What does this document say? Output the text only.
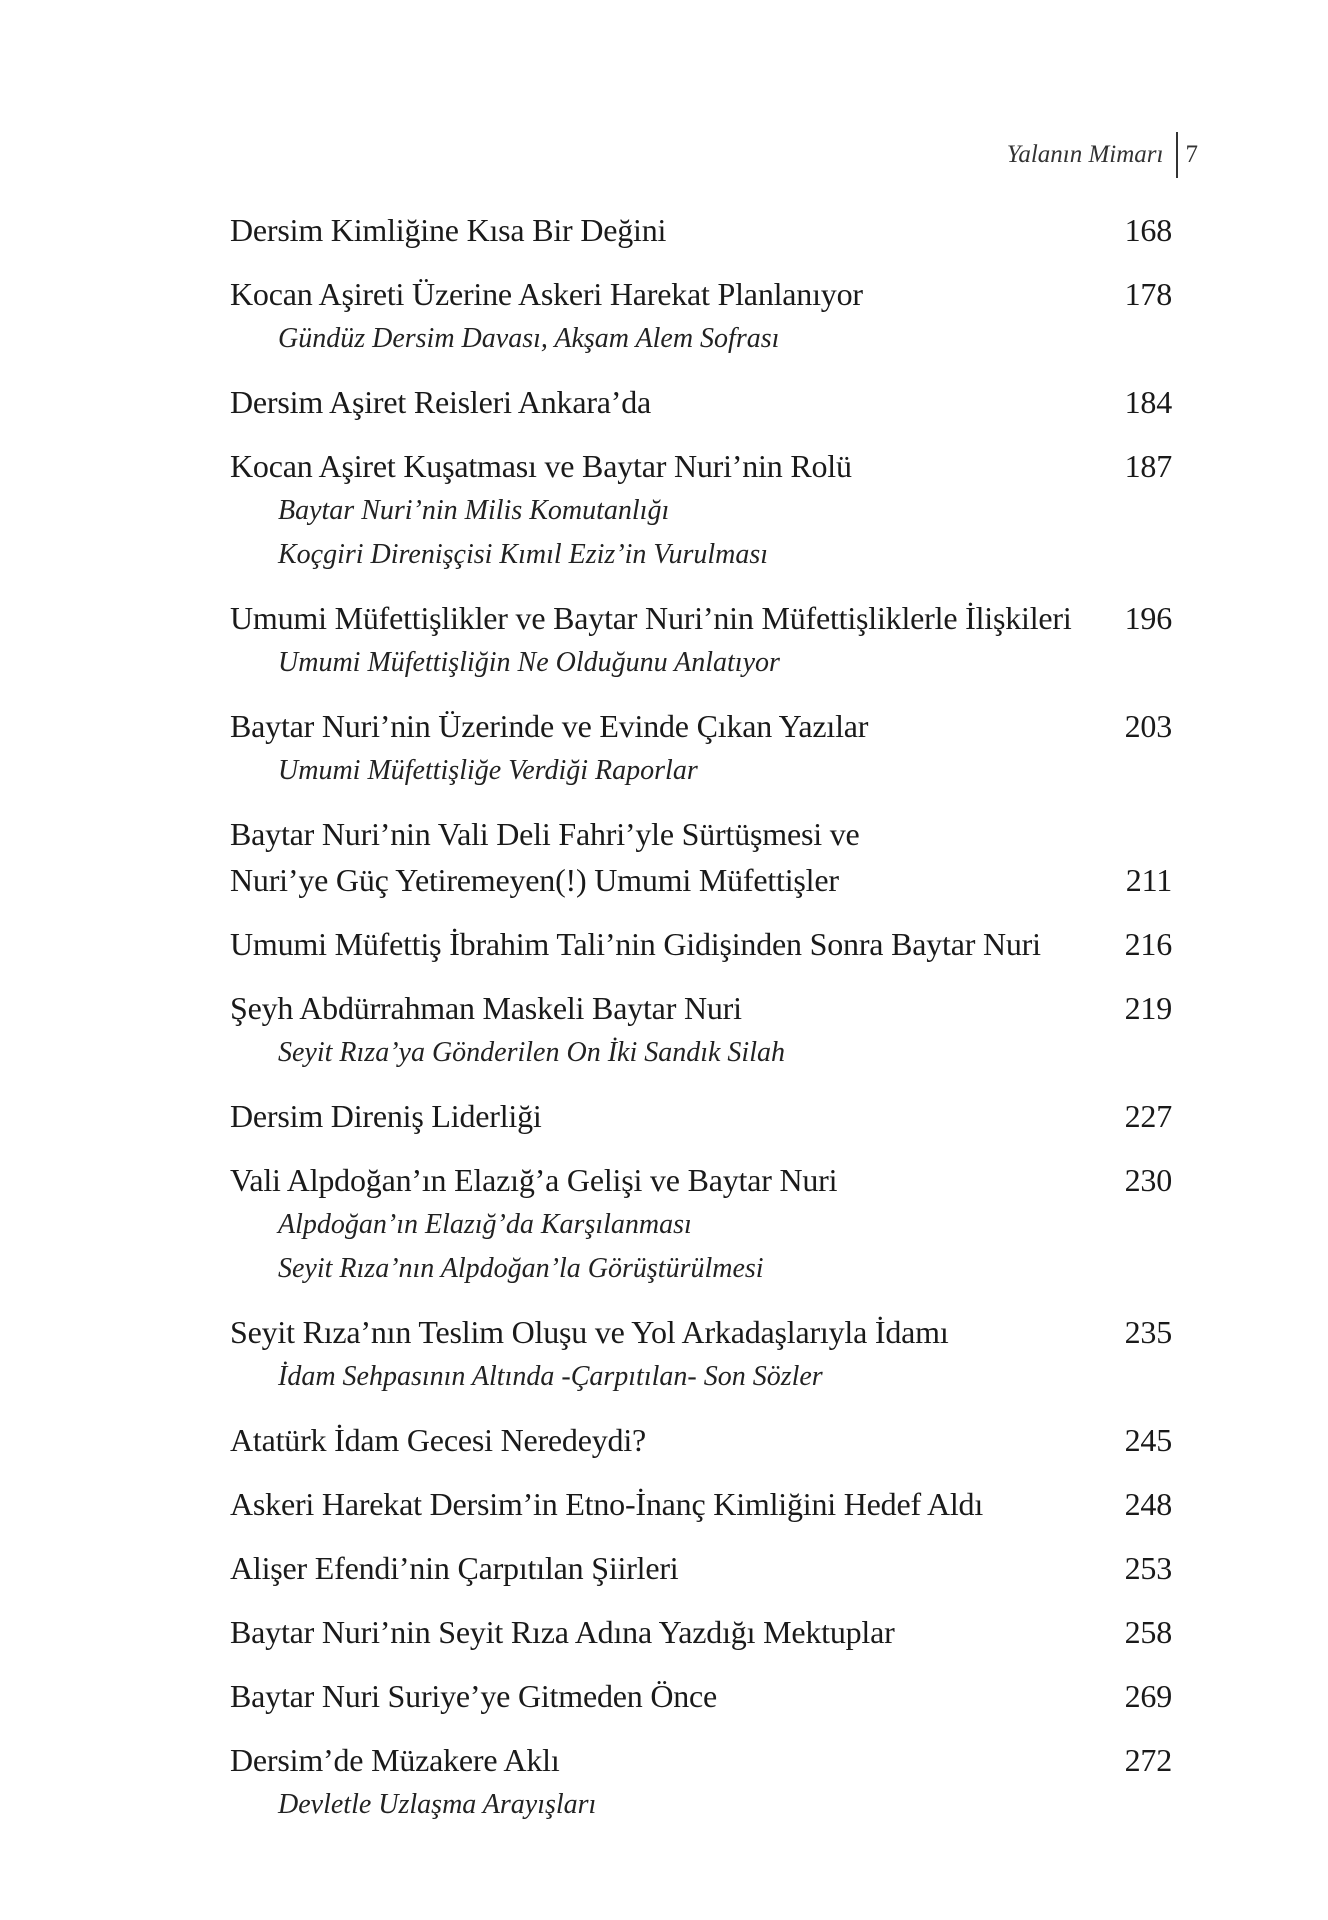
Yalanın Mimarı 7
Dersim Kimliğine Kısa Bir Değini	168
Kocan Aşireti Üzerine Askeri Harekat Planlanıyor	178
Gündüz Dersim Davası, Akşam Alem Sofrası
Dersim Aşiret Reisleri Ankara’da	184
Kocan Aşiret Kuşatması ve Baytar Nuri’nin Rolü	187
Baytar Nuri’nin Milis Komutanlığı
Koçgiri Direnişçisi Kımıl Eziz’in Vurulması
Umumi Müfettişlikler ve Baytar Nuri’nin Müfettişliklerle İlişkileri	196
Umumi Müfettişliğin Ne Olduğunu Anlatıyor
Baytar Nuri’nin Üzerinde ve Evinde Çıkan Yazılar	203
Umumi Müfettişliğe Verdiği Raporlar
Baytar Nuri’nin Vali Deli Fahri’yle Sürtüşmesi ve
Nuri’ye Güç Yetiremeyen(!) Umumi Müfettişler	211
Umumi Müfettiş İbrahim Tali’nin Gidişinden Sonra Baytar Nuri	216
Şeyh Abdürrahman Maskeli Baytar Nuri	219
Seyit Rıza’ya Gönderilen On İki Sandık Silah
Dersim Direniş Liderliği	227
Vali Alpdoğan’ın Elazığ’a Gelişi ve Baytar Nuri	230
Alpdoğan’ın Elazığ’da Karşılanması
Seyit Rıza’nın Alpdoğan’la Görüştürülmesi
Seyit Rıza’nın Teslim Oluşu ve Yol Arkadaşlarıyla İdamı	235
İdam Sehpasının Altında -Çarpıtılan- Son Sözler
Atatürk İdam Gecesi Neredeydi?	245
Askeri Harekat Dersim’in Etno-İnanç Kimliğini Hedef Aldı	248
Alişer Efendi’nin Çarpıtılan Şiirleri	253
Baytar Nuri’nin Seyit Rıza Adına Yazdığı Mektuplar	258
Baytar Nuri Suriye’ye Gitmeden Önce	269
Dersim’de Müzakere Aklı	272
Devletle Uzlaşma Arayışları
